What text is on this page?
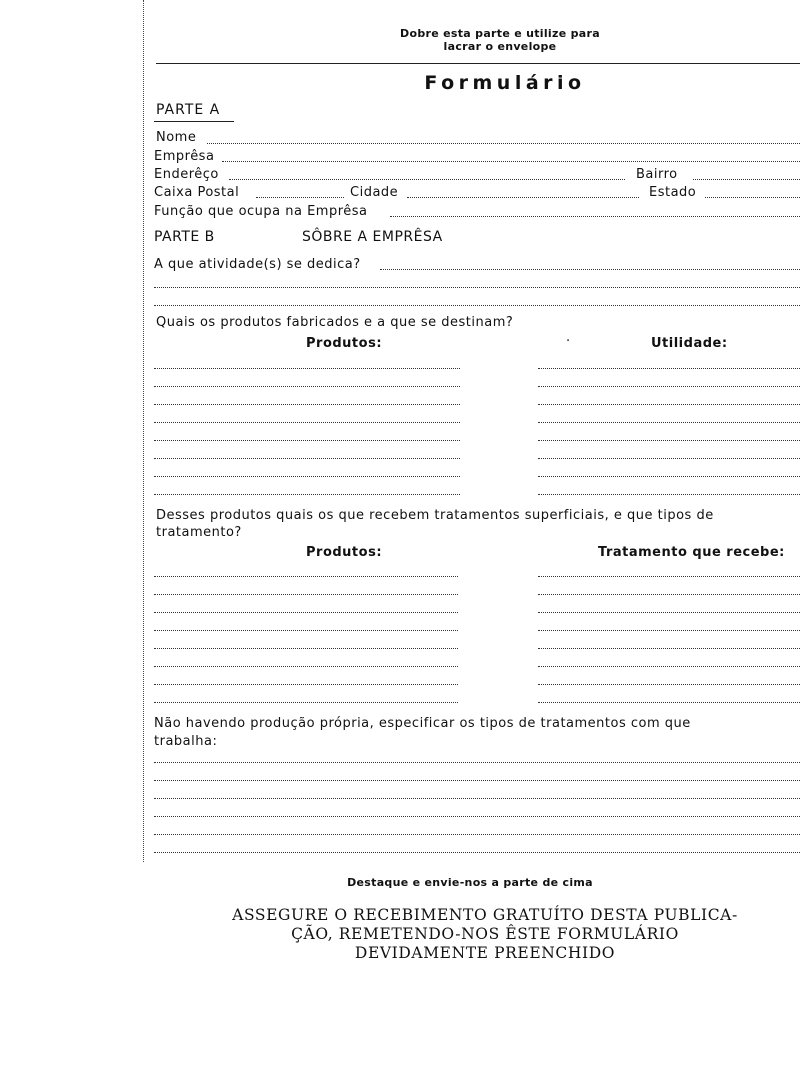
Dobre esta parte e utilize para
lacrar o envelope
Formulário
PARTE A
Nome
Emprêsa
Enderêço	Bairro
Caixa Postal	Cidade	Estado
Função que ocupa na Emprêsa
PARTE B	SÔBRE A EMPRÊSA
A que atividade(s) se dedica?
Quais os produtos fabricados e a que se destinam?
Produtos:	·	Utilidade:
Desses produtos quais os que recebem tratamentos superficiais, e que tipos de
tratamento?
Produtos:	Tratamento que recebe:
Não havendo produção própria, especificar os tipos de tratamentos com que
trabalha:
Destaque e envie-nos a parte de cima
ASSEGURE O RECEBIMENTO GRATUÍTO DESTA PUBLICA-
ÇÃO, REMETENDO-NOS ÊSTE FORMULÁRIO
DEVIDAMENTE PREENCHIDO
